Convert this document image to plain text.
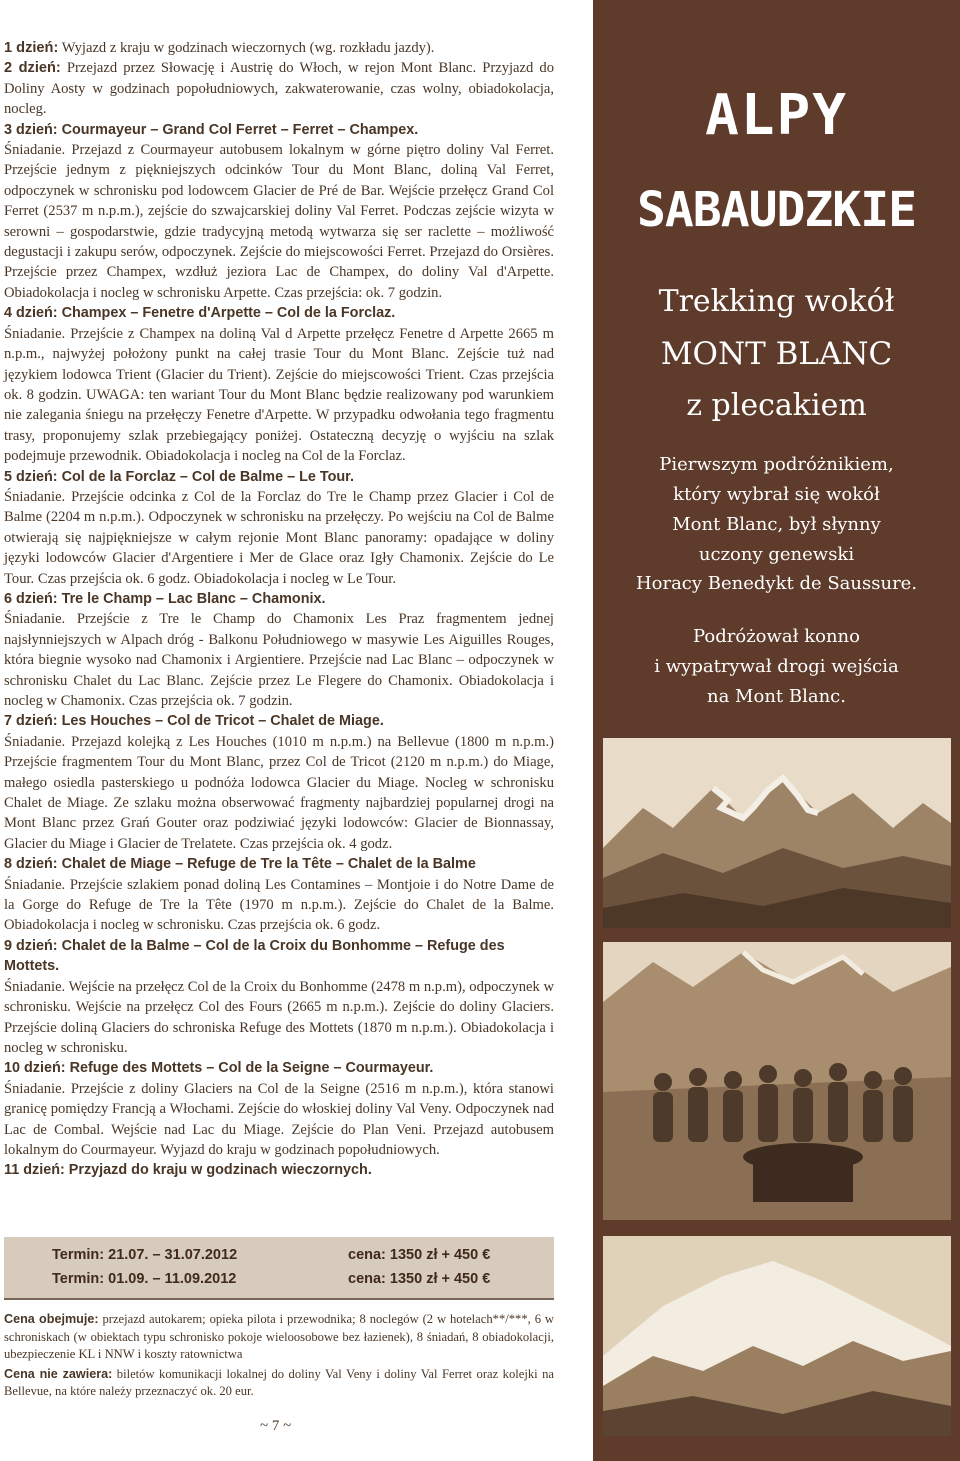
1 dzień: Wyjazd z kraju w godzinach wieczornych (wg. rozkładu jazdy).

2 dzień: Przejazd przez Słowację i Austrię do Włoch, w rejon Mont Blanc. Przyjazd do Doliny Aosty w godzinach popołudniowych, zakwaterowanie, czas wolny, obiadokolacja, nocleg.

3 dzień: Courmayeur – Grand Col Ferret – Ferret – Champex.

Śniadanie. Przejazd z Courmayeur autobusem lokalnym w górne piętro doliny Val Ferret. Przejście jednym z piękniejszych odcinków Tour du Mont Blanc, doliną Val Ferret, odpoczynek w schronisku pod lodowcem Glacier de Pré de Bar. Wejście przełęcz Grand Col Ferret (2537 m n.p.m.), zejście do szwajcarskiej doliny Val Ferret. Podczas zejście wizyta w serowni – gospodarstwie, gdzie tradycyjną metodą wytwarza się ser raclette – możliwość degustacji i zakupu serów, odpoczynek. Zejście do miejscowości Ferret. Przejazd do Orsières. Przejście przez Champex, wzdłuż jeziora Lac de Champex, do doliny Val d'Arpette. Obiadokolacja i nocleg w schronisku Arpette. Czas przejścia: ok. 7 godzin.

4 dzień: Champex – Fenetre d'Arpette – Col de la Forclaz.

Śniadanie. Przejście z Champex na doliną Val d Arpette przełęcz Fenetre d Arpette 2665 m n.p.m., najwyżej położony punkt na całej trasie Tour du Mont Blanc. Zejście tuż nad językiem lodowca Trient (Glacier du Trient). Zejście do miejscowości Trient. Czas przejścia ok. 8 godzin. UWAGA: ten wariant Tour du Mont Blanc będzie realizowany pod warunkiem nie zalegania śniegu na przełęczy Fenetre d'Arpette. W przypadku odwołania tego fragmentu trasy, proponujemy szlak przebiegający poniżej. Ostateczną decyzję o wyjściu na szlak podejmuje przewodnik. Obiadokolacja i nocleg na Col de la Forclaz.

5 dzień: Col de la Forclaz – Col de Balme – Le Tour.

Śniadanie. Przejście odcinka z Col de la Forclaz do Tre le Champ przez Glacier i Col de Balme (2204 m n.p.m.). Odpoczynek w schronisku na przełęczy. Po wejściu na Col de Balme otwierają się najpiękniejsze w całym rejonie Mont Blanc panoramy: opadające w doliny języki lodowców Glacier d'Argentiere i Mer de Glace oraz Igły Chamonix. Zejście do Le Tour. Czas przejścia ok. 6 godz. Obiadokolacja i nocleg w Le Tour.

6 dzień: Tre le Champ – Lac Blanc – Chamonix.

Śniadanie. Przejście z Tre le Champ do Chamonix Les Praz fragmentem jednej najsłynniejszych w Alpach dróg - Balkonu Południowego w masywie Les Aiguilles Rouges, która biegnie wysoko nad Chamonix i Argientiere. Przejście nad Lac Blanc – odpoczynek w schronisku Chalet du Lac Blanc. Zejście przez Le Flegere do Chamonix. Obiadokolacja i nocleg w Chamonix. Czas przejścia ok. 7 godzin.

7 dzień: Les Houches – Col de Tricot – Chalet de Miage.

Śniadanie. Przejazd kolejką z Les Houches (1010 m n.p.m.) na Bellevue (1800 m n.p.m.) Przejście fragmentem Tour du Mont Blanc, przez Col de Tricot (2120 m n.p.m.) do Miage, małego osiedla pasterskiego u podnóża lodowca Glacier du Miage. Nocleg w schronisku Chalet de Miage. Ze szlaku można obserwować fragmenty najbardziej popularnej drogi na Mont Blanc przez Grań Gouter oraz podziwiać języki lodowców: Glacier de Bionnassay, Glacier du Miage i Glacier de Trelatete. Czas przejścia ok. 4 godz.

8 dzień: Chalet de Miage – Refuge de Tre la Tête – Chalet de la Balme

Śniadanie. Przejście szlakiem ponad doliną Les Contamines – Montjoie i do Notre Dame de la Gorge do Refuge de Tre la Tête (1970 m n.p.m.). Zejście do Chalet de la Balme. Obiadokolacja i nocleg w schronisku. Czas przejścia ok. 6 godz.

9 dzień: Chalet de la Balme – Col de la Croix du Bonhomme – Refuge des Mottets.

Śniadanie. Wejście na przełęcz Col de la Croix du Bonhomme (2478 m n.p.m), odpoczynek w schronisku. Wejście na przełęcz Col des Fours (2665 m n.p.m.). Zejście do doliny Glaciers. Przejście doliną Glaciers do schroniska Refuge des Mottets (1870 m n.p.m.). Obiadokolacja i nocleg w schronisku.

10 dzień: Refuge des Mottets – Col de la Seigne – Courmayeur.

Śniadanie. Przejście z doliny Glaciers na Col de la Seigne (2516 m n.p.m.), która stanowi granicę pomiędzy Francją a Włochami. Zejście do włoskiej doliny Val Veny. Odpoczynek nad Lac de Combal. Wejście nad Lac du Miage. Zejście do Plan Veni. Przejazd autobusem lokalnym do Courmayeur. Wyjazd do kraju w godzinach popołudniowych.

11 dzień: Przyjazd do kraju w godzinach wieczornych.

Termin: 21.07. – 31.07.2012	cena: 1350 zł + 450 €
Termin: 01.09. – 11.09.2012	cena: 1350 zł + 450 €

Cena obejmuje: przejazd autokarem; opieka pilota i przewodnika; 8 noclegów (2 w hotelach**/***, 6 w schroniskach (w obiektach typu schronisko pokoje wieloosobowe bez łazienek), 8 śniadań, 8 obiadokolacji, ubezpieczenie KL i NNW i koszty ratownictwa

Cena nie zawiera: biletów komunikacji lokalnej do doliny Val Veny i doliny Val Ferret oraz kolejki na Bellevue, na które należy przeznaczyć ok. 20 eur.

~ 7 ~
ALPY
SABAUDZKIE
Trekking wokół
MONT BLANC
z plecakiem
Pierwszym podróżnikiem,
który wybrał się wokół
Mont Blanc, był słynny
uczony genewski
Horacy Benedykt de Saussure.
Podróżował konno
i wypatrywał drogi wejścia
na Mont Blanc.
